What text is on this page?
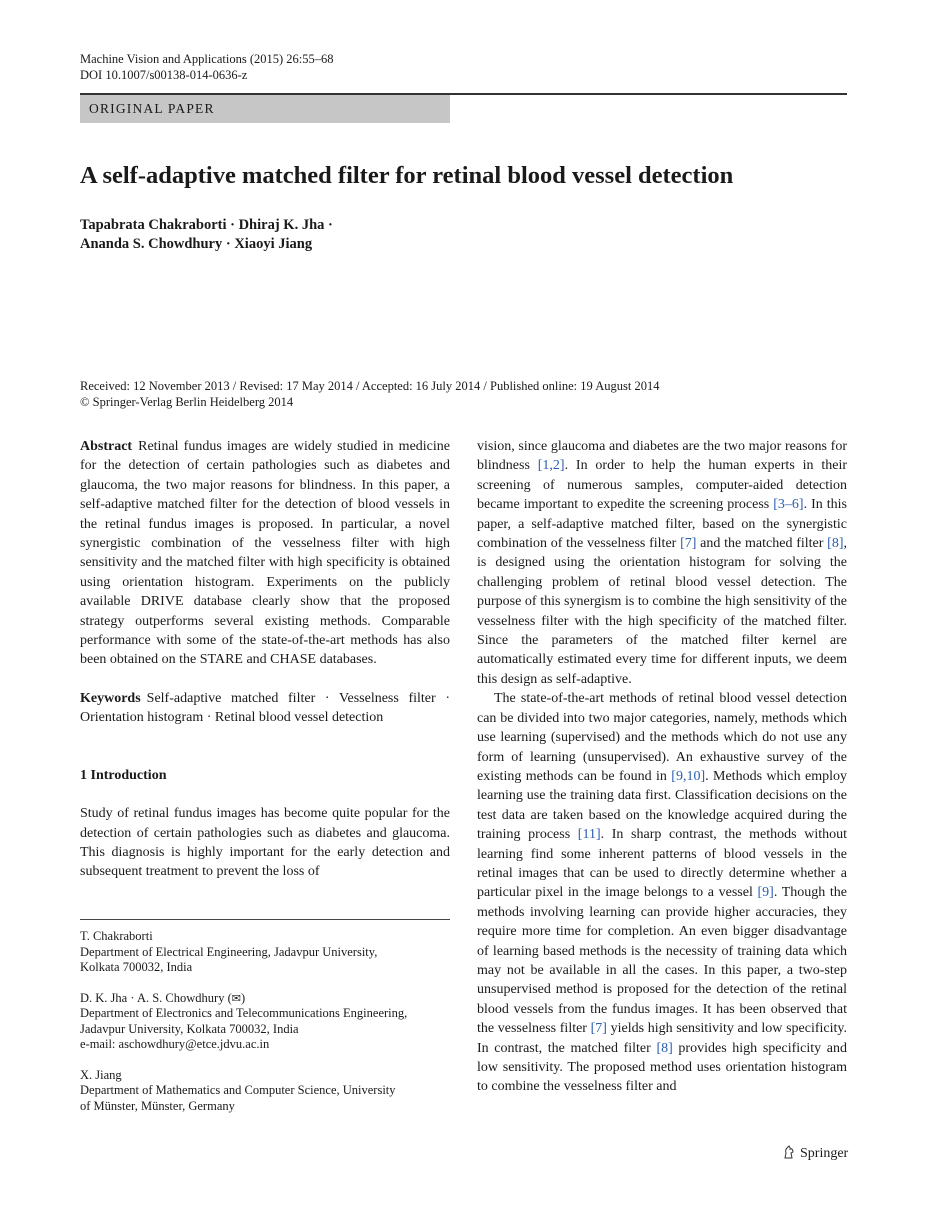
Machine Vision and Applications (2015) 26:55–68
DOI 10.1007/s00138-014-0636-z
ORIGINAL PAPER
A self-adaptive matched filter for retinal blood vessel detection
Tapabrata Chakraborti · Dhiraj K. Jha ·
Ananda S. Chowdhury · Xiaoyi Jiang
Received: 12 November 2013 / Revised: 17 May 2014 / Accepted: 16 July 2014 / Published online: 19 August 2014
© Springer-Verlag Berlin Heidelberg 2014

Abstract Retinal fundus images are widely studied in medicine for the detection of certain pathologies such as diabetes and glaucoma, the two major reasons for blindness. In this paper, a self-adaptive matched filter for the detection of blood vessels in the retinal fundus images is proposed. In particular, a novel synergistic combination of the vesselness filter with high sensitivity and the matched filter with high specificity is obtained using orientation histogram. Experiments on the publicly available DRIVE database clearly show that the proposed strategy outperforms several existing methods. Comparable performance with some of the state-of-the-art methods has also been obtained on the STARE and CHASE databases.

Keywords Self-adaptive matched filter · Vesselness filter · Orientation histogram · Retinal blood vessel detection

1 Introduction

Study of retinal fundus images has become quite popular for the detection of certain pathologies such as diabetes and glaucoma. This diagnosis is highly important for the early detection and subsequent treatment to prevent the loss of

vision, since glaucoma and diabetes are the two major reasons for blindness [1,2]. In order to help the human experts in their screening of numerous samples, computer-aided detection became important to expedite the screening process [3–6]. In this paper, a self-adaptive matched filter, based on the synergistic combination of the vesselness filter [7] and the matched filter [8], is designed using the orientation histogram for solving the challenging problem of retinal blood vessel detection. The purpose of this synergism is to combine the high sensitivity of the vesselness filter with the high specificity of the matched filter. Since the parameters of the matched filter kernel are automatically estimated every time for different inputs, we deem this design as self-adaptive.

The state-of-the-art methods of retinal blood vessel detection can be divided into two major categories, namely, methods which use learning (supervised) and the methods which do not use any form of learning (unsupervised). An exhaustive survey of the existing methods can be found in [9,10]. Methods which employ learning use the training data first. Classification decisions on the test data are taken based on the knowledge acquired during the training process [11]. In sharp contrast, the methods without learning find some inherent patterns of blood vessels in the retinal images that can be used to directly determine whether a particular pixel in the image belongs to a vessel [9]. Though the methods involving learning can provide higher accuracies, they require more time for completion. An even bigger disadvantage of learning based methods is the necessity of training data which may not be available in all the cases. In this paper, a two-step unsupervised method is proposed for the detection of the retinal blood vessels from the fundus images. It has been observed that the vesselness filter [7] yields high sensitivity and low specificity. In contrast, the matched filter [8] provides high specificity and low sensitivity. The proposed method uses orientation histogram to combine the vesselness filter and

T. Chakraborti
Department of Electrical Engineering, Jadavpur University,
Kolkata 700032, India

D. K. Jha · A. S. Chowdhury (✉)
Department of Electronics and Telecommunications Engineering,
Jadavpur University, Kolkata 700032, India
e-mail: aschowdhury@etce.jdvu.ac.in

X. Jiang
Department of Mathematics and Computer Science, University
of Münster, Münster, Germany

Springer
